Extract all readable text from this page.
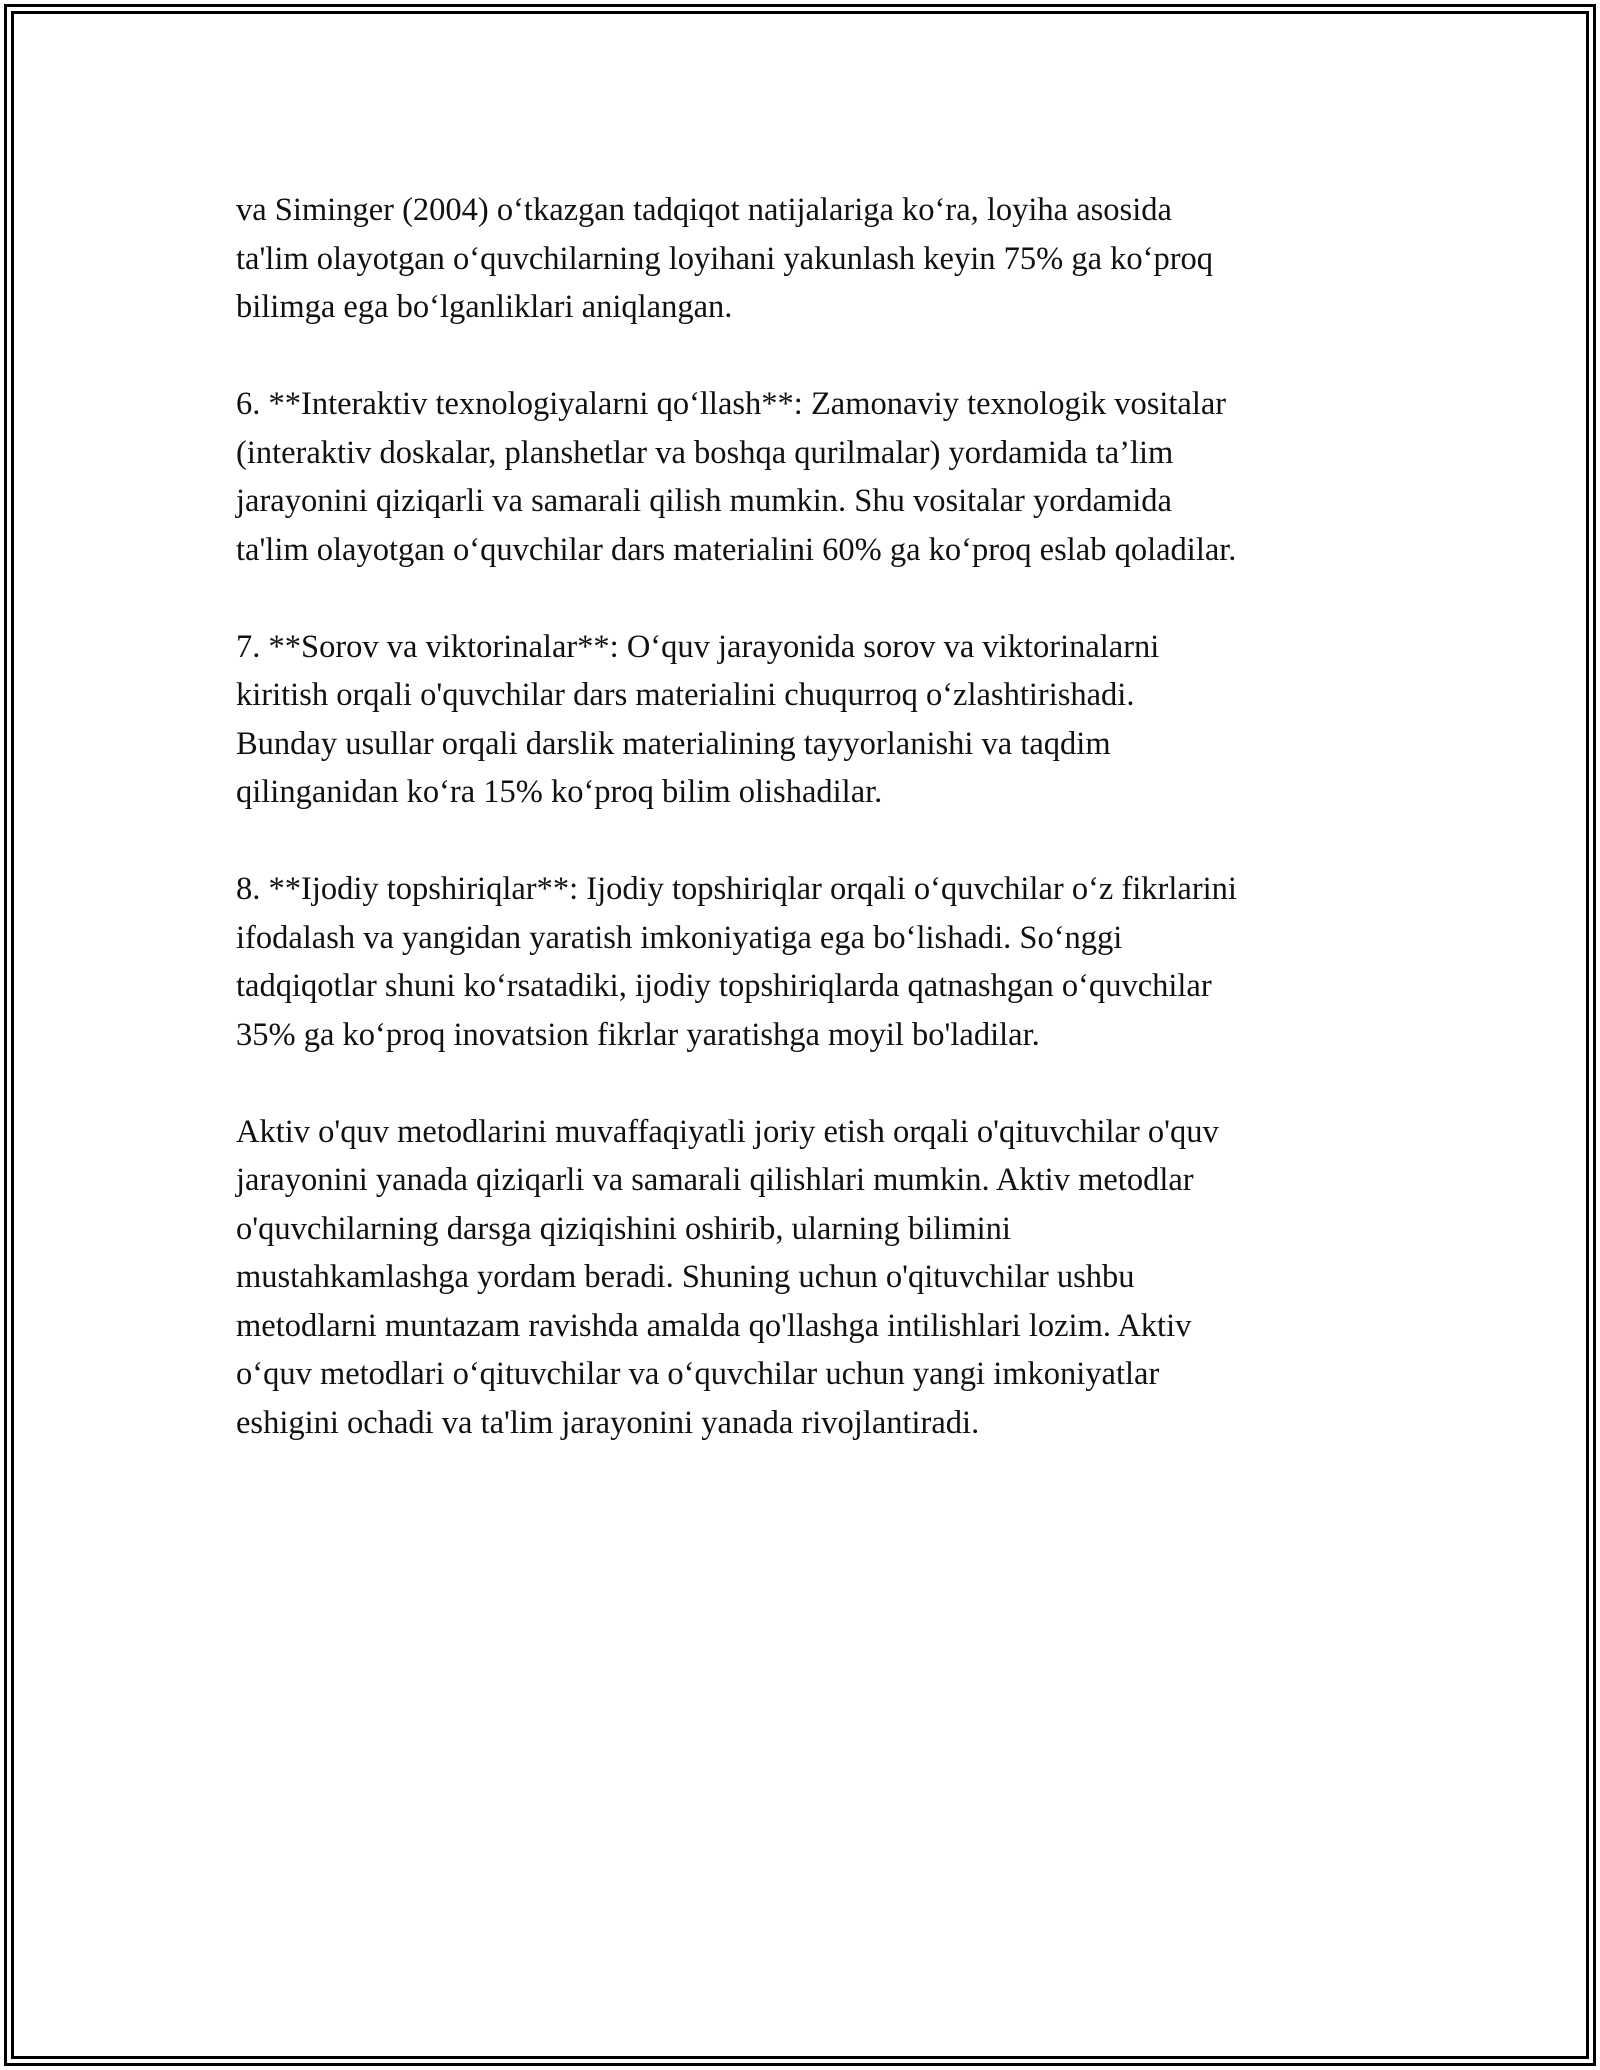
va Siminger (2004) o‘tkazgan tadqiqot natijalariga ko‘ra, loyiha asosida
ta'lim olayotgan o‘quvchilarning loyihani yakunlash keyin 75% ga ko‘proq
bilimga ega bo‘lganliklari aniqlangan.
6. **Interaktiv texnologiyalarni qo‘llash**: Zamonaviy texnologik vositalar
(interaktiv doskalar, planshetlar va boshqa qurilmalar) yordamida ta’lim
jarayonini qiziqarli va samarali qilish mumkin. Shu vositalar yordamida
ta'lim olayotgan o‘quvchilar dars materialini 60% ga ko‘proq eslab qoladilar.
7. **Sorov va viktorinalar**: O‘quv jarayonida sorov va viktorinalarni
kiritish orqali o'quvchilar dars materialini chuqurroq o‘zlashtirishadi.
Bunday usullar orqali darslik materialining tayyorlanishi va taqdim
qilinganidan ko‘ra 15% ko‘proq bilim olishadilar.
8. **Ijodiy topshiriqlar**: Ijodiy topshiriqlar orqali o‘quvchilar o‘z fikrlarini
ifodalash va yangidan yaratish imkoniyatiga ega bo‘lishadi. So‘nggi
tadqiqotlar shuni ko‘rsatadiki, ijodiy topshiriqlarda qatnashgan o‘quvchilar
35% ga ko‘proq inovatsion fikrlar yaratishga moyil bo'ladilar.
Aktiv o'quv metodlarini muvaffaqiyatli joriy etish orqali o'qituvchilar o'quv
jarayonini yanada qiziqarli va samarali qilishlari mumkin. Aktiv metodlar
o'quvchilarning darsga qiziqishini oshirib, ularning bilimini
mustahkamlashga yordam beradi. Shuning uchun o'qituvchilar ushbu
metodlarni muntazam ravishda amalda qo'llashga intilishlari lozim. Aktiv
o‘quv metodlari o‘qituvchilar va o‘quvchilar uchun yangi imkoniyatlar
eshigini ochadi va ta'lim jarayonini yanada rivojlantiradi.
